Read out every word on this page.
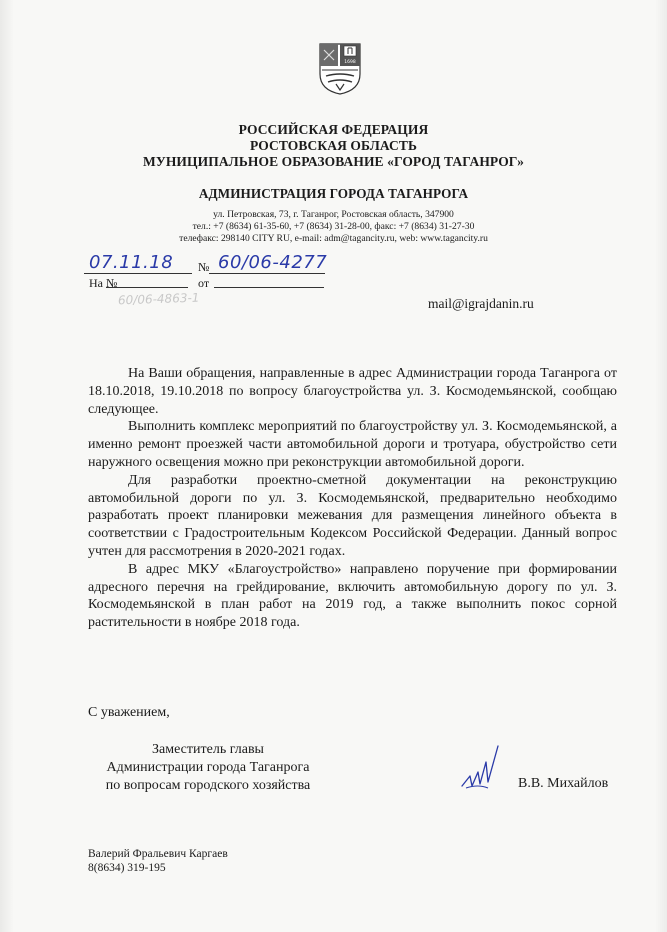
1698
РОССИЙСКАЯ ФЕДЕРАЦИЯ
РОСТОВСКАЯ ОБЛАСТЬ
МУНИЦИПАЛЬНОЕ ОБРАЗОВАНИЕ «ГОРОД ТАГАНРОГ»
АДМИНИСТРАЦИЯ ГОРОДА ТАГАНРОГА
ул. Петровская, 73, г. Таганрог, Ростовская область, 347900
тел.: +7 (8634) 61-35-60, +7 (8634) 31-28-00, факс: +7 (8634) 31-27-30
телефакс: 298140 CITY RU, e-mail: adm@tagancity.ru, web: www.tagancity.ru
07.11.18 № 60/06-4277
На №	от
60/06-4863-1	mail@igrajdanin.ru

На Ваши обращения, направленные в адрес Администрации города Таганрога от 18.10.2018, 19.10.2018 по вопросу благоустройства ул. З. Космодемьянской, сообщаю следующее.

Выполнить комплекс мероприятий по благоустройству ул. З. Космодемьянской, а именно ремонт проезжей части автомобильной дороги и тротуара, обустройство сети наружного освещения можно при реконструкции автомобильной дороги.

Для разработки проектно-сметной документации на реконструкцию автомобильной дороги по ул. З. Космодемьянской, предварительно необходимо разработать проект планировки межевания для размещения линейного объекта в соответствии с Градостроительным Кодексом Российской Федерации. Данный вопрос учтен для рассмотрения в 2020-2021 годах.

В адрес МКУ «Благоустройство» направлено поручение при формировании адресного перечня на грейдирование, включить автомобильную дорогу по ул. З. Космодемьянской в план работ на 2019 год, а также выполнить покос сорной растительности в ноябре 2018 года.

С уважением,
Заместитель главы
Администрации города Таганрога
по вопросам городского хозяйства	В.В. Михайлов
Валерий Фральевич Каргаев
8(8634) 319-195
